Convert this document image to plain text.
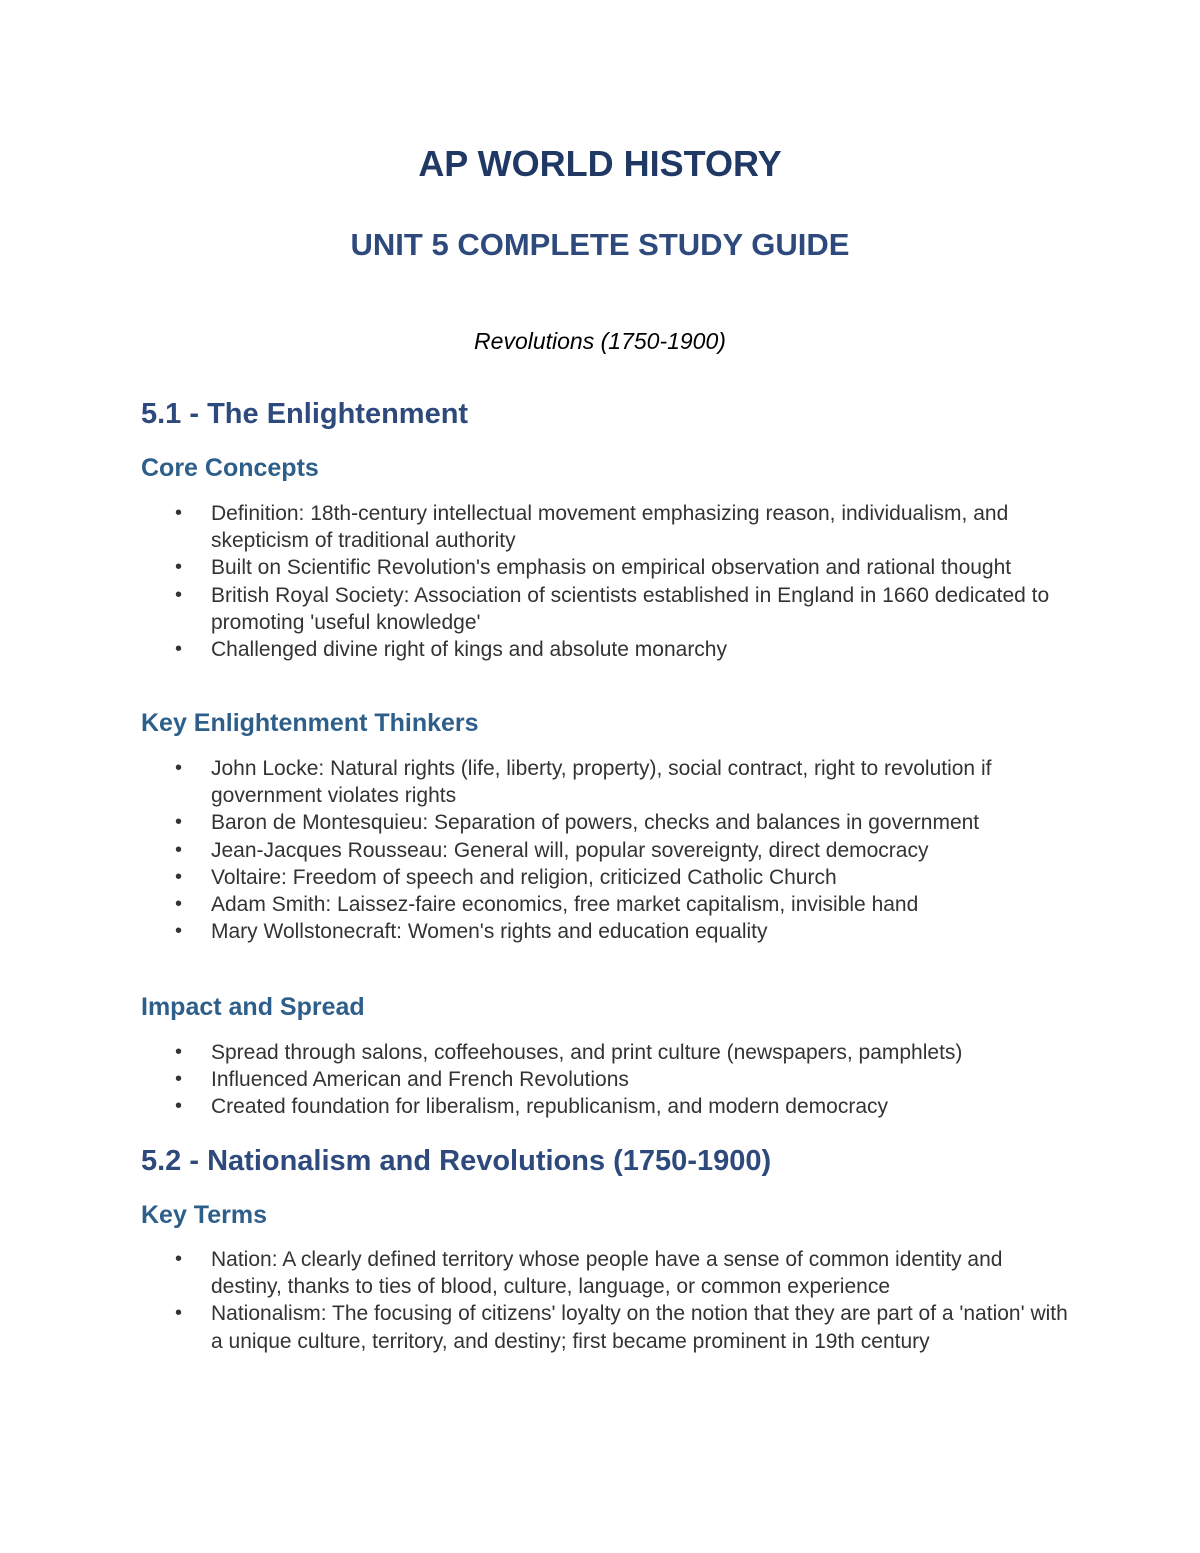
AP WORLD HISTORY
UNIT 5 COMPLETE STUDY GUIDE

Revolutions (1750-1900)

5.1 - The Enlightenment
Core Concepts
• Definition: 18th-century intellectual movement emphasizing reason, individualism, and skepticism of traditional authority
• Built on Scientific Revolution's emphasis on empirical observation and rational thought
• British Royal Society: Association of scientists established in England in 1660 dedicated to promoting 'useful knowledge'
• Challenged divine right of kings and absolute monarchy
Key Enlightenment Thinkers
• John Locke: Natural rights (life, liberty, property), social contract, right to revolution if government violates rights
• Baron de Montesquieu: Separation of powers, checks and balances in government
• Jean-Jacques Rousseau: General will, popular sovereignty, direct democracy
• Voltaire: Freedom of speech and religion, criticized Catholic Church
• Adam Smith: Laissez-faire economics, free market capitalism, invisible hand
• Mary Wollstonecraft: Women's rights and education equality
Impact and Spread
• Spread through salons, coffeehouses, and print culture (newspapers, pamphlets)
• Influenced American and French Revolutions
• Created foundation for liberalism, republicanism, and modern democracy
5.2 - Nationalism and Revolutions (1750-1900)
Key Terms
• Nation: A clearly defined territory whose people have a sense of common identity and destiny, thanks to ties of blood, culture, language, or common experience
• Nationalism: The focusing of citizens' loyalty on the notion that they are part of a 'nation' with a unique culture, territory, and destiny; first became prominent in 19th century
